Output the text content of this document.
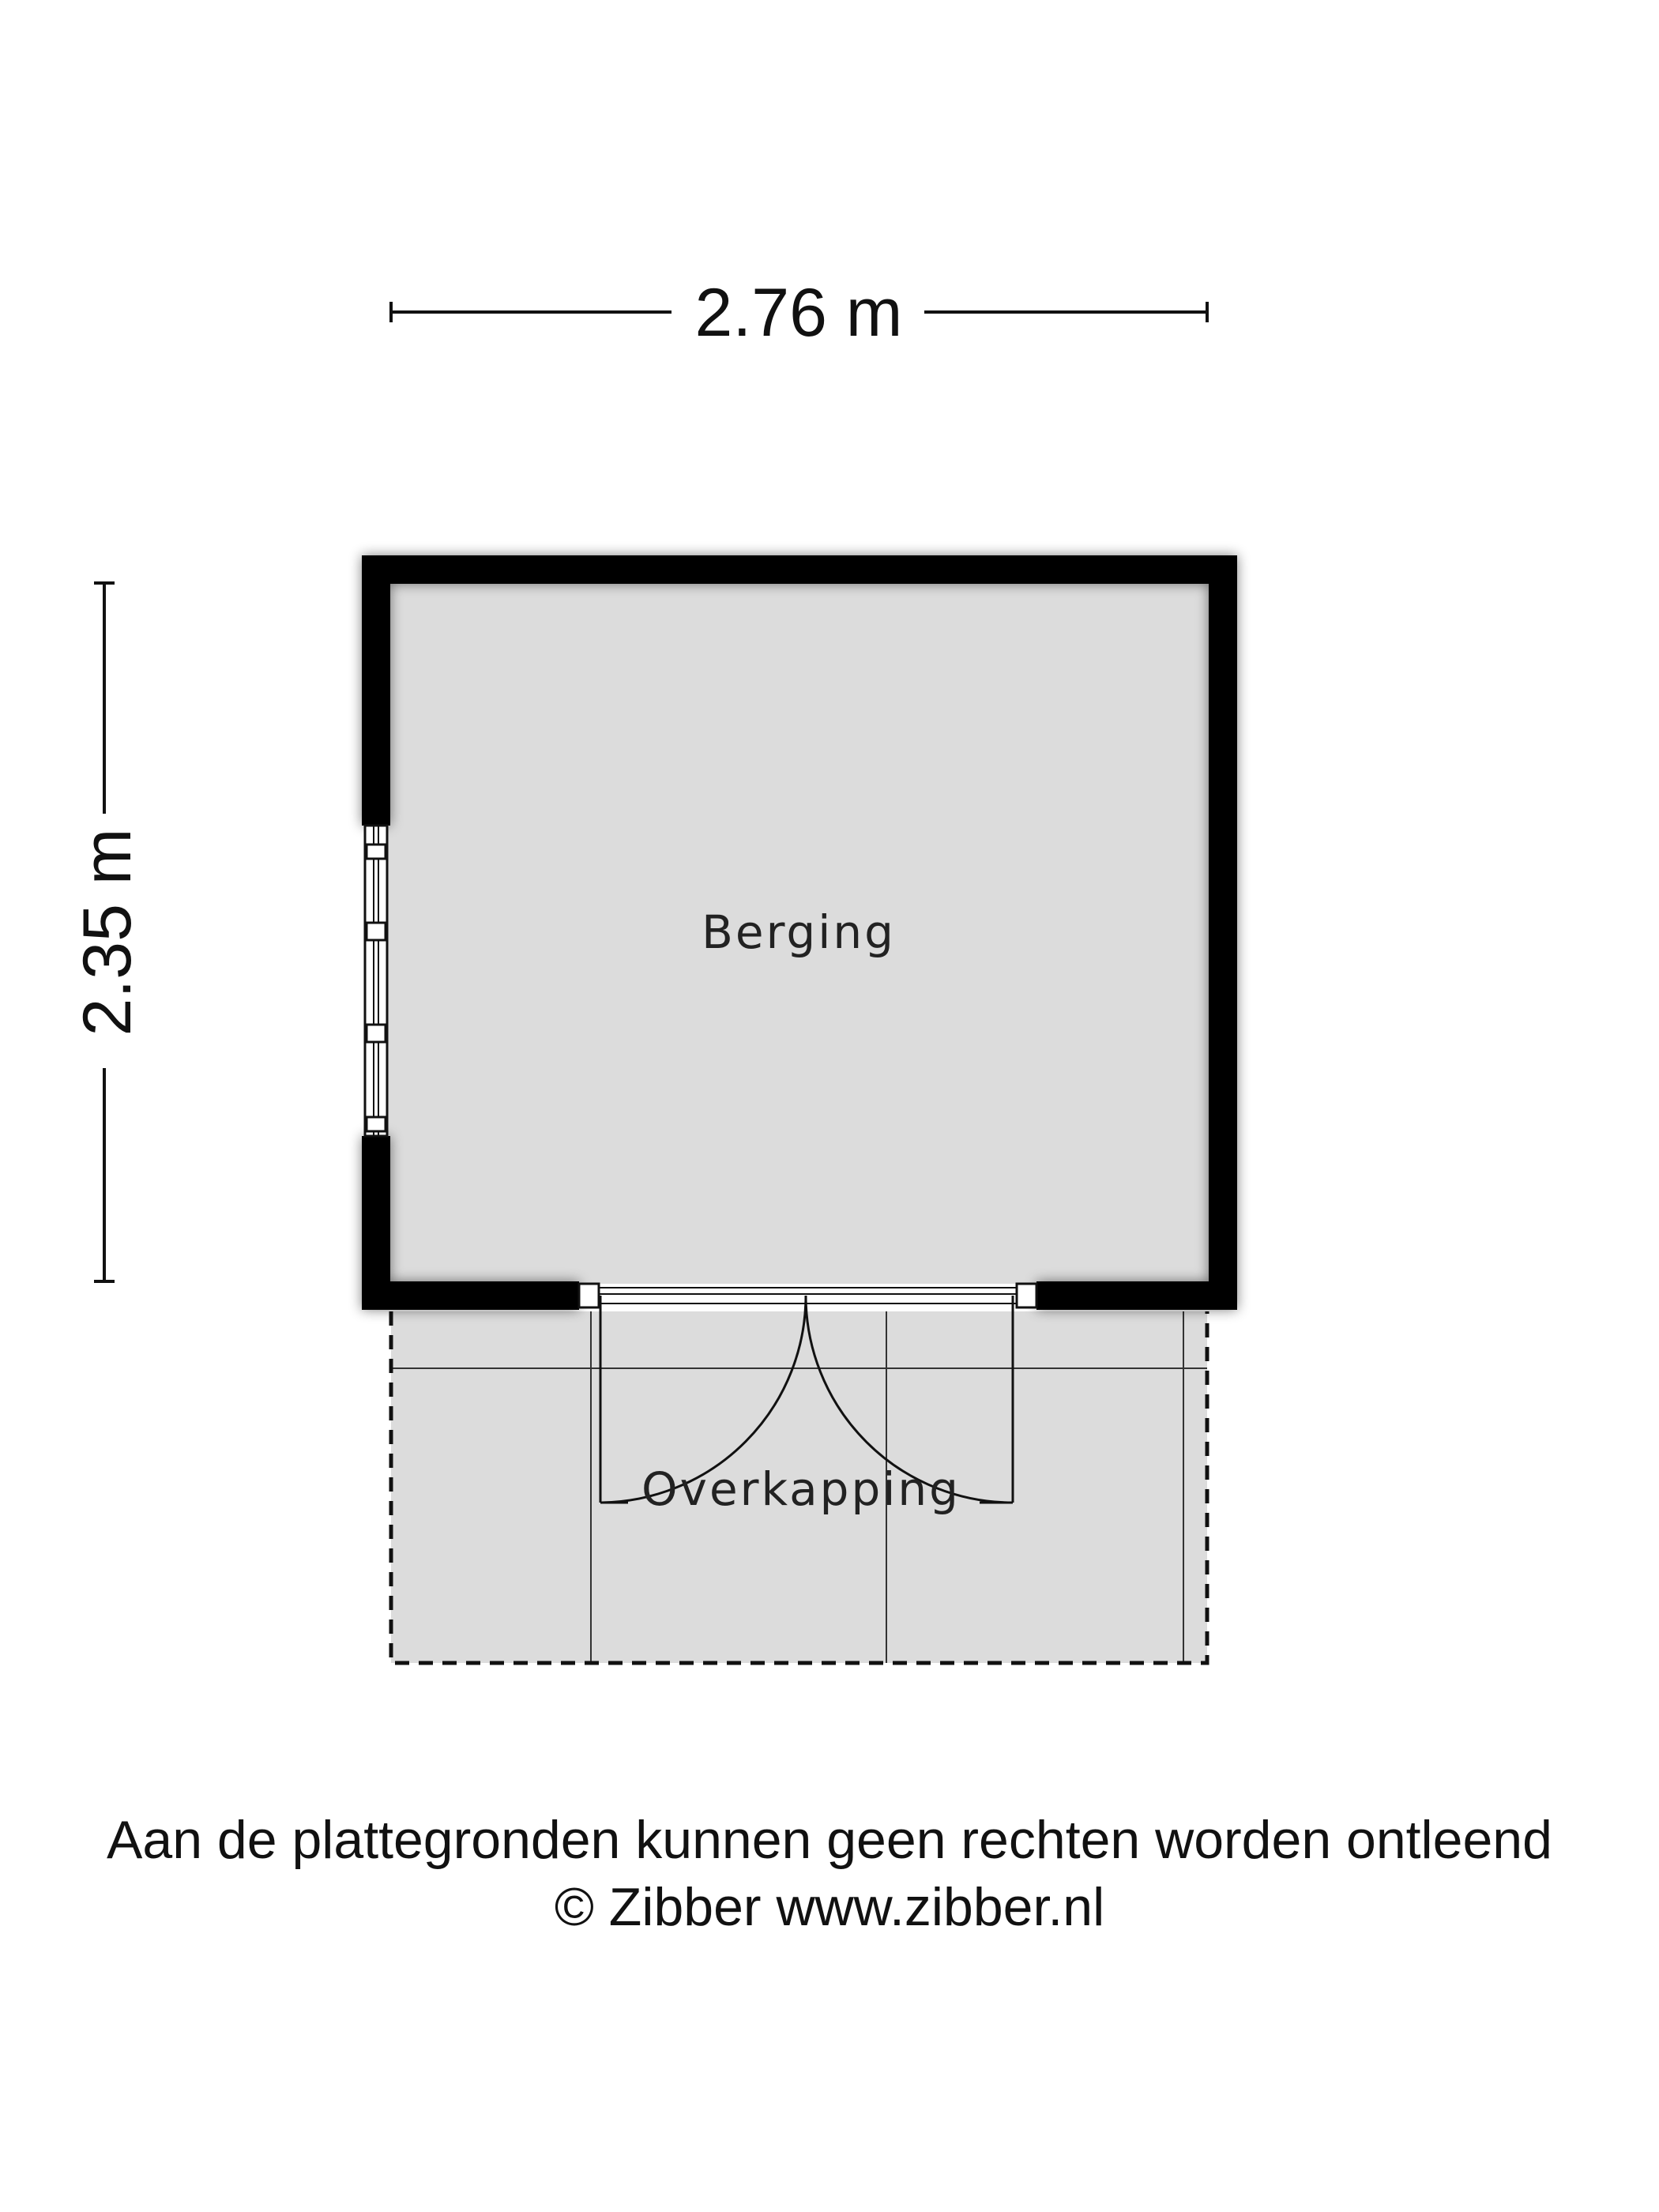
2.76 m
2.35 m	Berging
Overkapping
Aan de plattegronden kunnen geen rechten worden ontleend
© Zibber www.zibber.nl
